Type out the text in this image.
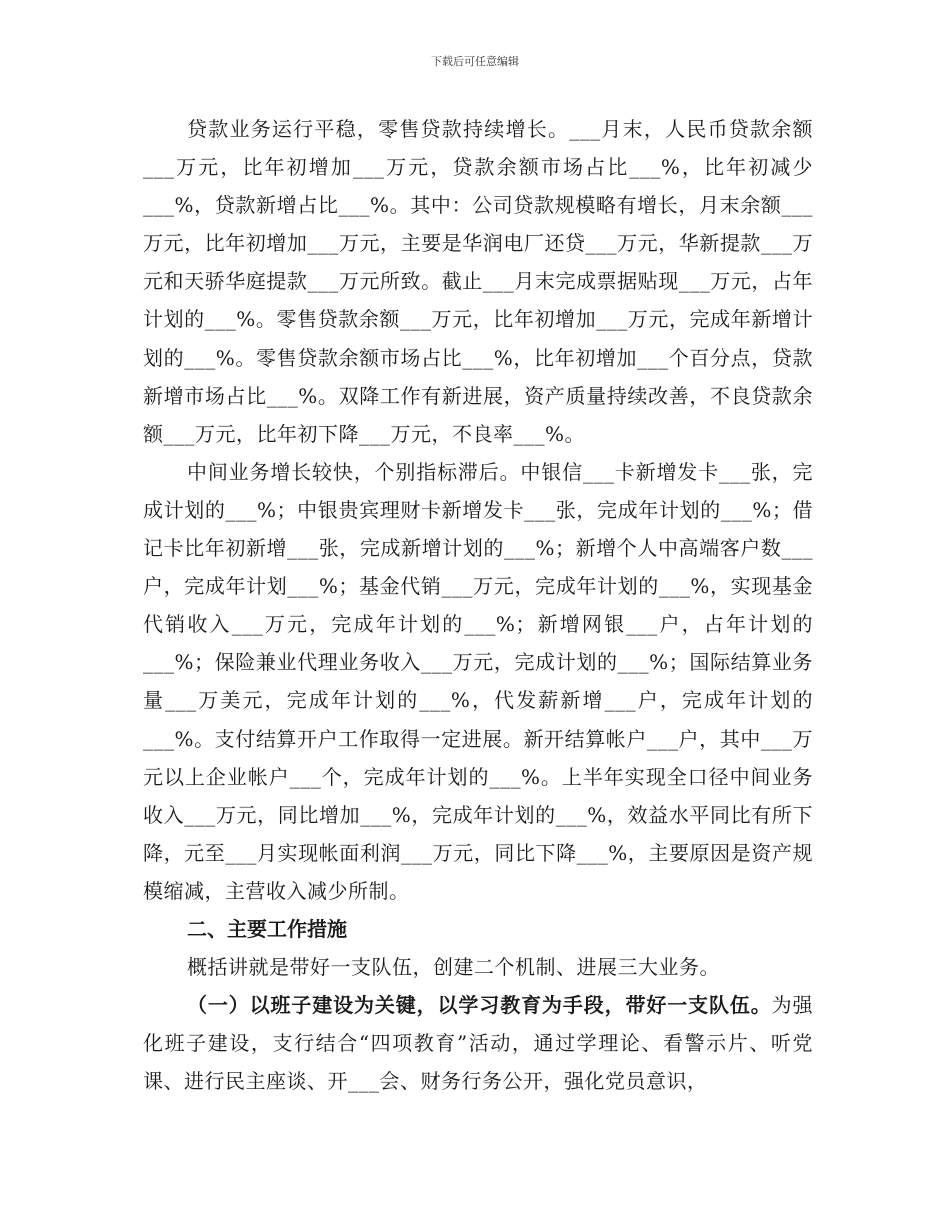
下载后可任意编辑

贷款业务运行平稳，零售贷款持续增长。___月末，人民币贷款余额___万元，比年初增加___万元，贷款余额市场占比___%，比年初减少___%，贷款新增占比___%。其中：公司贷款规模略有增长，月末余额___万元，比年初增加___万元，主要是华润电厂还贷___万元，华新提款___万元和天骄华庭提款___万元所致。截止___月末完成票据贴现___万元，占年计划的___%。零售贷款余额___万元，比年初增加___万元，完成年新增计划的___%。零售贷款余额市场占比___%，比年初增加___个百分点，贷款新增市场占比___%。双降工作有新进展，资产质量持续改善，不良贷款余额___万元，比年初下降___万元，不良率___%。

中间业务增长较快，个别指标滞后。中银信___卡新增发卡___张，完成计划的___%；中银贵宾理财卡新增发卡___张，完成年计划的___%；借记卡比年初新增___张，完成新增计划的___%；新增个人中高端客户数___户，完成年计划___%；基金代销___万元，完成年计划的___%，实现基金代销收入___万元，完成年计划的___%；新增网银___户，占年计划的___%；保险兼业代理业务收入___万元，完成计划的___%；国际结算业务量___万美元，完成年计划的___%，代发薪新增___户，完成年计划的___%。支付结算开户工作取得一定进展。新开结算帐户___户，其中___万元以上企业帐户___个，完成年计划的___%。上半年实现全口径中间业务收入___万元，同比增加___%，完成年计划的___%，效益水平同比有所下降，元至___月实现帐面利润___万元，同比下降___%，主要原因是资产规模缩减，主营收入减少所制。

二、主要工作措施

概括讲就是带好一支队伍，创建二个机制、进展三大业务。

（一）以班子建设为关键，以学习教育为手段，带好一支队伍。为强化班子建设，支行结合“四项教育”活动，通过学理论、看警示片、听党课、进行民主座谈、开___会、财务行务公开，强化党员意识，
